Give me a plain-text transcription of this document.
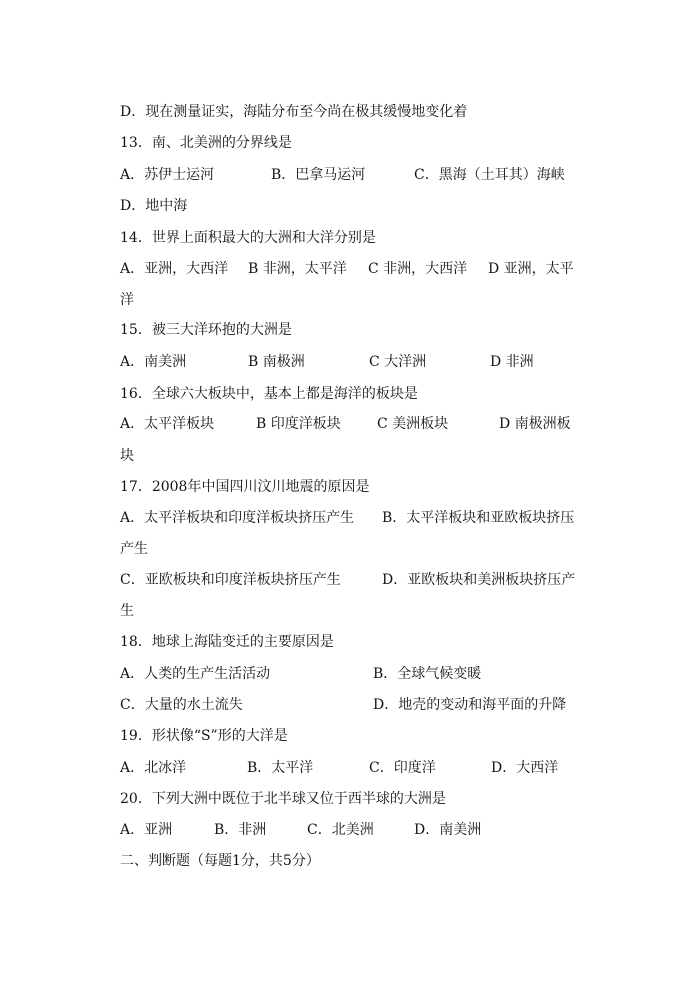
D．现在测量证实，海陆分布至今尚在极其缓慢地变化着
13．南、北美洲的分界线是
A．苏伊士运河	B．巴拿马运河	C．黑海（土耳其）海峡
D．地中海
14．世界上面积最大的大洲和大洋分别是
A．亚洲，大西洋 B 非洲，太平洋 C 非洲，大西洋 D 亚洲，太平
洋
15．被三大洋环抱的大洲是
A．南美洲	B 南极洲	C 大洋洲	D 非洲
16．全球六大板块中，基本上都是海洋的板块是
A．太平洋板块	B 印度洋板块	C 美洲板块	D 南极洲板
块
17．2008年中国四川汶川地震的原因是
A．太平洋板块和印度洋板块挤压产生 B．太平洋板块和亚欧板块挤压
产生
C．亚欧板块和印度洋板块挤压产生	D．亚欧板块和美洲板块挤压产
生
18．地球上海陆变迁的主要原因是
A．人类的生产生活活动	B．全球气候变暖
C．大量的水土流失	D．地壳的变动和海平面的升降
19．形状像“S”形的大洋是
A．北冰洋	B．太平洋	C．印度洋	D．大西洋
20．下列大洲中既位于北半球又位于西半球的大洲是
A．亚洲	B．非洲	C．北美洲	D．南美洲
二、判断题（每题1分，共5分）
